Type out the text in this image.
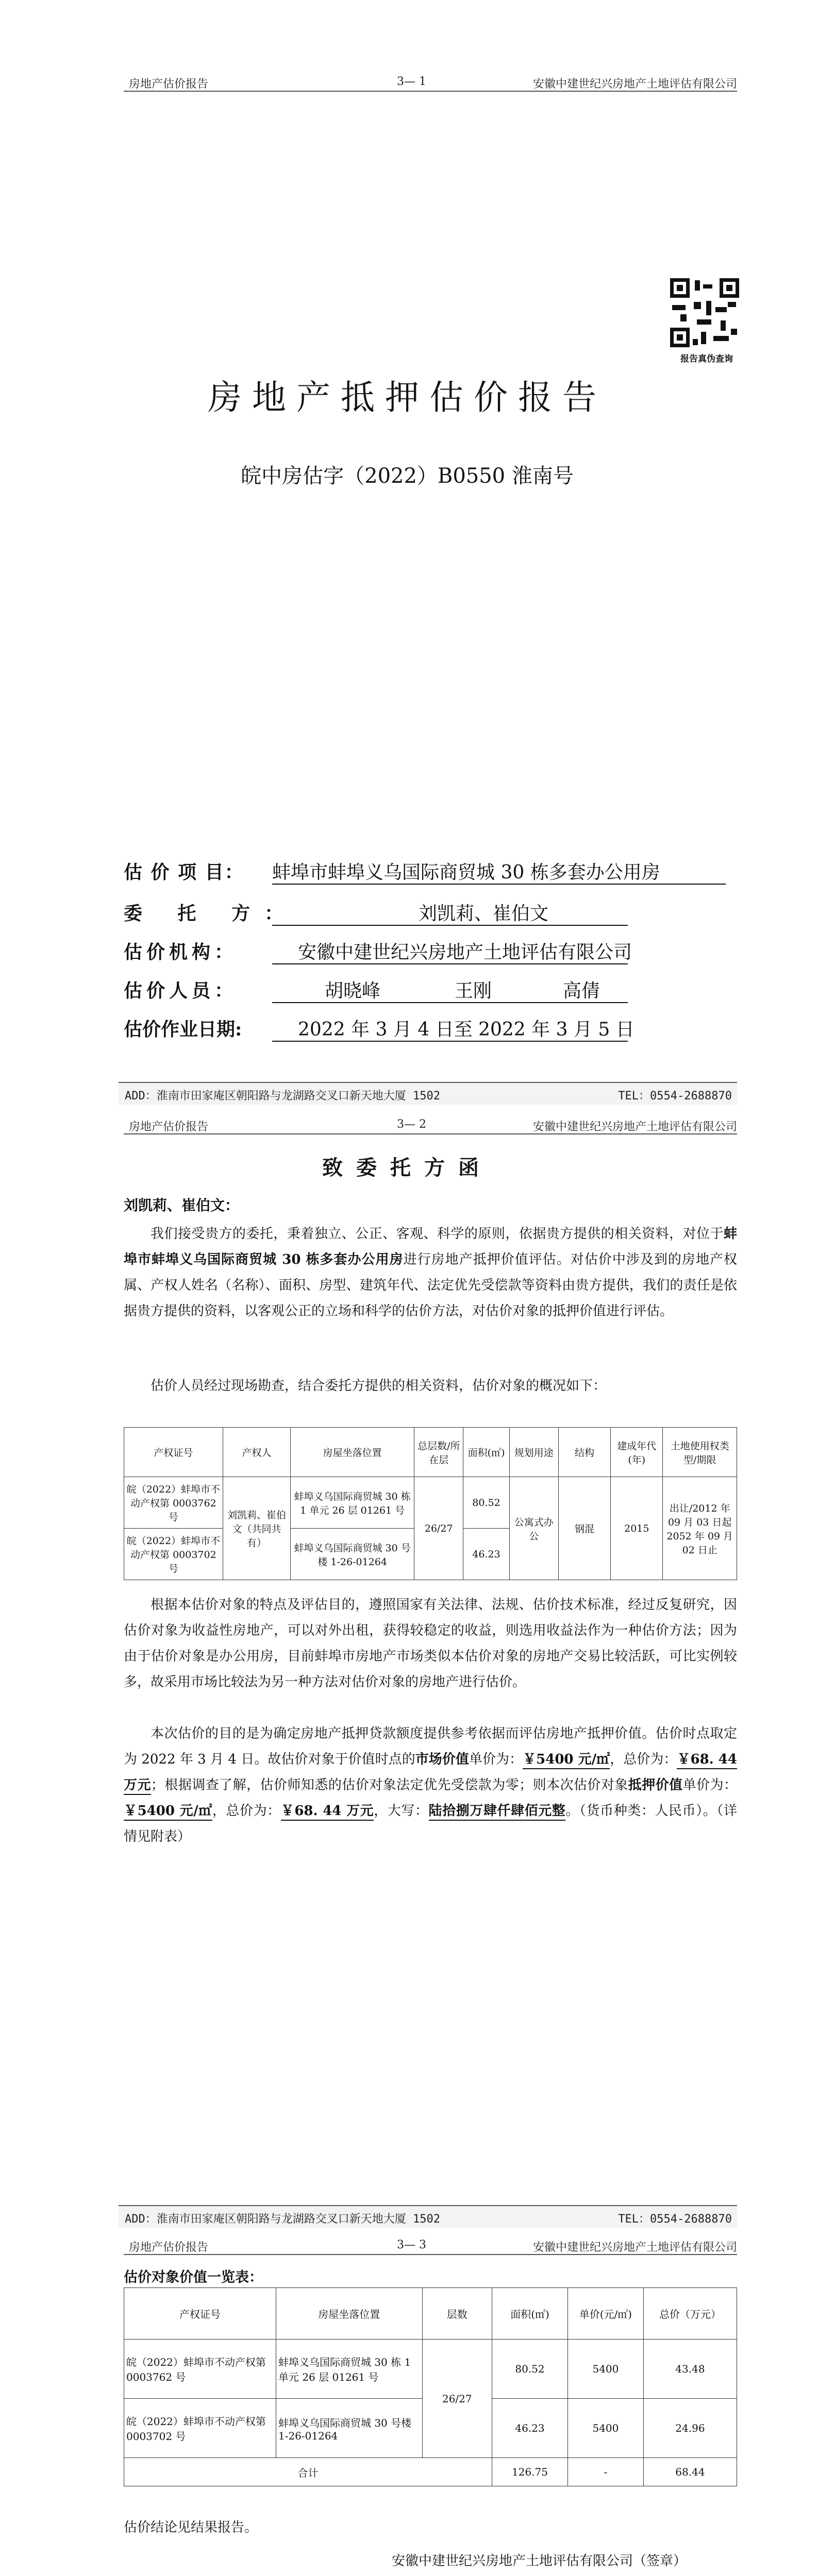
房地产估价报告	3— 1	安徽中建世纪兴房地产土地评估有限公司
报告真伪查询
房地产抵押估价报告
皖中房估字（2022）B0550 淮南号
估 价 项 目： 蚌埠市蚌埠义乌国际商贸城 30 栋多套办公用房
委 托 方：	刘凯莉、崔伯文
估价机构：	安徽中建世纪兴房地产土地评估有限公司
估价人员：	胡晓峰	王刚	高倩
估价作业日期:	2022 年 3 月 4 日至 2022 年 3 月 5 日
ADD：淮南市田家庵区朝阳路与龙湖路交叉口新天地大厦 1502	TEL：0554-2688870
房地产估价报告	3— 2	安徽中建世纪兴房地产土地评估有限公司
致委托方函
刘凯莉、崔伯文：
我们接受贵方的委托，秉着独立、公正、客观、科学的原则，依据贵方提供的相关资料，对位于蚌埠市蚌埠义乌国际商贸城 30 栋多套办公用房进行房地产抵押价值评估。对估价中涉及到的房地产权属、产权人姓名（名称）、面积、房型、建筑年代、法定优先受偿款等资料由贵方提供，我们的责任是依据贵方提供的资料，以客观公正的立场和科学的估价方法，对估价对象的抵押价值进行评估。
估价人员经过现场勘查，结合委托方提供的相关资料，估价对象的概况如下：
产权证号	产权人	房屋坐落位置	总层数/所在层	面积(㎡)	规划用途	结构	建成年代(年)	土地使用权类型/期限
皖（2022）蚌埠市不动产权第 0003762 号	刘凯莉、崔伯文（共同共有）	蚌埠义乌国际商贸城 30 栋 1 单元 26 层 01261 号	26/27	80.52	公寓式办公	钢混	2015	出让/2012 年 09 月 03 日起 2052 年 09 月 02 日止
皖（2022）蚌埠市不动产权第 0003702 号		蚌埠义乌国际商贸城 30 号楼 1-26-01264		46.23				
根据本估价对象的特点及评估目的，遵照国家有关法律、法规、估价技术标准，经过反复研究，因估价对象为收益性房地产，可以对外出租，获得较稳定的收益，则选用收益法作为一种估价方法；因为由于估价对象是办公用房，目前蚌埠市房地产市场类似本估价对象的房地产交易比较活跃，可比实例较多，故采用市场比较法为另一种方法对估价对象的房地产进行估价。
本次估价的目的是为确定房地产抵押贷款额度提供参考依据而评估房地产抵押价值。估价时点取定为 2022 年 3 月 4 日。故估价对象于价值时点的市场价值单价为：￥5400 元/㎡，总价为：￥68. 44 万元；根据调查了解，估价师知悉的估价对象法定优先受偿款为零；则本次估价对象抵押价值单价为：￥5400 元/㎡，总价为：￥68. 44 万元，大写：陆拾捌万肆仟肆佰元整。（货币种类：人民币）。（详情见附表）
ADD：淮南市田家庵区朝阳路与龙湖路交叉口新天地大厦 1502	TEL：0554-2688870
房地产估价报告	3— 3	安徽中建世纪兴房地产土地评估有限公司
估价对象价值一览表：
产权证号	房屋坐落位置	层数	面积(㎡)	单价(元/㎡)	总价（万元）
皖（2022）蚌埠市不动产权第 0003762 号	蚌埠义乌国际商贸城 30 栋 1 单元 26 层 01261 号	26/27	80.52	5400	43.48
皖（2022）蚌埠市不动产权第 0003702 号	蚌埠义乌国际商贸城 30 号楼 1-26-01264		46.23	5400	24.96
合计			126.75	-	68.44
估价结论见结果报告。
安徽中建世纪兴房地产土地评估有限公司（签章）
